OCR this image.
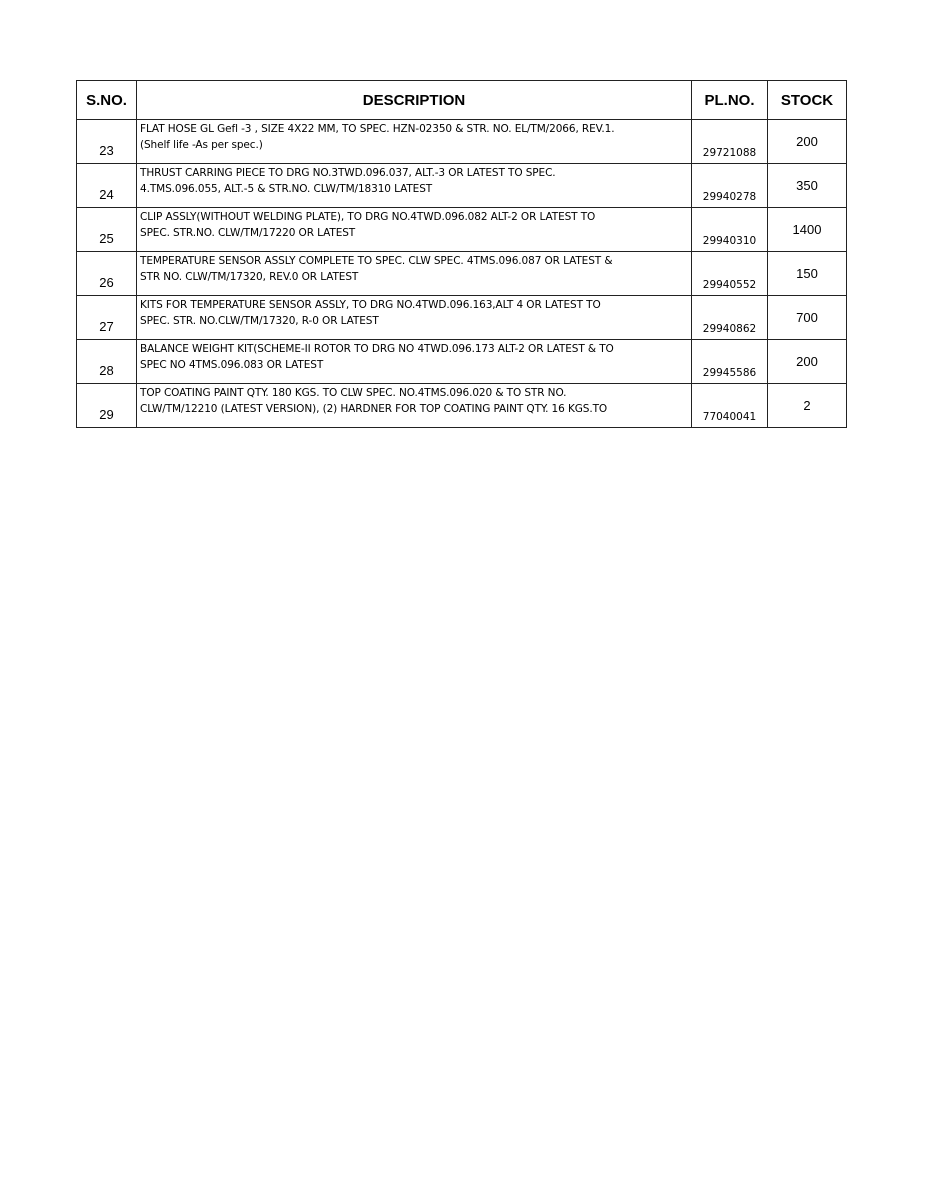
S.NO.	DESCRIPTION	PL.NO.	STOCK
23	FLAT HOSE GL Gefl -3 , SIZE 4X22 MM, TO SPEC. HZN-02350 & STR. NO. EL/TM/2066, REV.1.
(Shelf life -As per spec.)	29721088	200
24	THRUST CARRING PIECE TO DRG NO.3TWD.096.037, ALT.-3 OR LATEST TO SPEC.
4.TMS.096.055, ALT.-5 & STR.NO. CLW/TM/18310 LATEST	29940278	350
25	CLIP ASSLY(WITHOUT WELDING PLATE), TO DRG NO.4TWD.096.082 ALT-2 OR LATEST TO
SPEC. STR.NO. CLW/TM/17220 OR LATEST	29940310	1400
26	TEMPERATURE SENSOR ASSLY COMPLETE TO SPEC. CLW SPEC. 4TMS.096.087 OR LATEST &
STR NO. CLW/TM/17320, REV.0 OR LATEST	29940552	150
27	KITS FOR TEMPERATURE SENSOR ASSLY, TO DRG NO.4TWD.096.163,ALT 4 OR LATEST TO
SPEC. STR. NO.CLW/TM/17320, R-0 OR LATEST	29940862	700
28	BALANCE WEIGHT KIT(SCHEME-II ROTOR TO DRG NO 4TWD.096.173 ALT-2 OR LATEST & TO
SPEC NO 4TMS.096.083 OR LATEST	29945586	200
29	TOP COATING PAINT QTY. 180 KGS. TO CLW SPEC. NO.4TMS.096.020 & TO STR NO.
CLW/TM/12210 (LATEST VERSION), (2) HARDNER FOR TOP COATING PAINT QTY. 16 KGS.TO	77040041	2
